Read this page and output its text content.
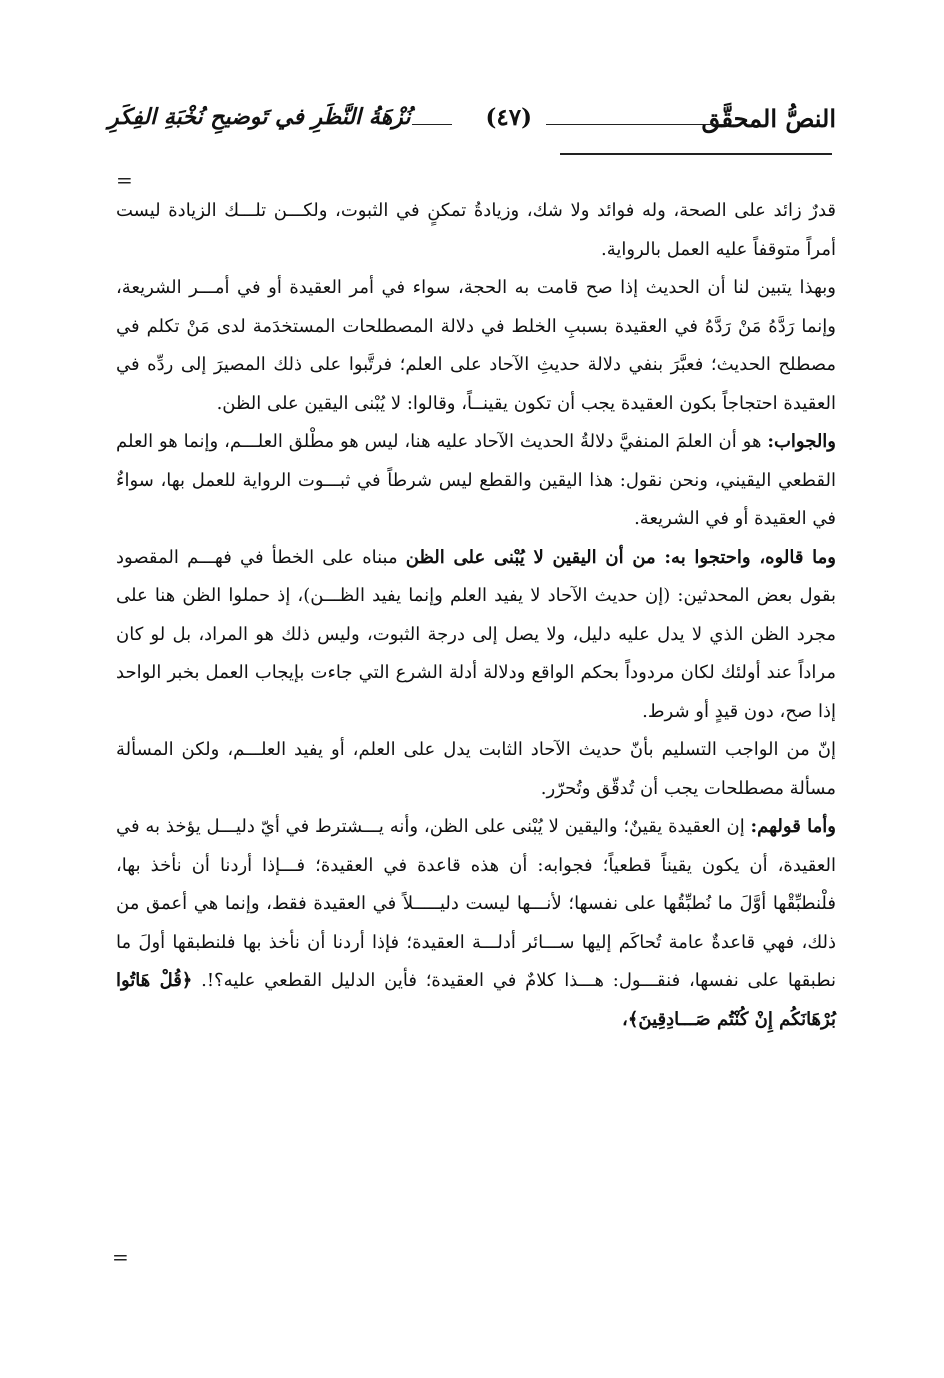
النصُّ المحقَّق
(٤٧)
نُزْهَةُ النَّظَرِ في تَوضيحِ نُخْبَةِ الفِكَرِ
=

قدرٌ زائد على الصحة، وله فوائد ولا شك، وزيادةُ تمكنٍ في الثبوت، ولكـــن تلـــك الزيادة ليست أمراً متوقفاً عليه العمل بالرواية.

وبهذا يتبين لنا أن الحديث إذا صح قامت به الحجة، سواء في أمر العقيدة أو في أمـــر الشريعة، وإنما رَدَّهُ مَنْ رَدَّهُ في العقيدة بسببِ الخلط في دلالة المصطلحات المستخدَمة لدى مَنْ تكلم في مصطلح الحديث؛ فعبَّرَ بنفي دلالة حديثِ الآحاد على العلم؛ فرتَّبوا على ذلك المصيرَ إلى ردِّه في العقيدة احتجاجاً بكون العقيدة يجب أن تكون يقينــاً، وقالوا: لا يُبْنى اليقين على الظن.

والجواب: هو أن العلمَ المنفيَّ دلالةُ الحديث الآحاد عليه هنا، ليس هو مطْلق العلـــم، وإنما هو العلم القطعي اليقيني، ونحن نقول: هذا اليقين والقطع ليس شرطاً في ثبـــوت الرواية للعمل بها، سواءٌ في العقيدة أو في الشريعة.

وما قالوه، واحتجوا به: من أن اليقين لا يُبْنى على الظن مبناه على الخطأ في فهـــم المقصود بقول بعض المحدثين: (إن حديث الآحاد لا يفيد العلم وإنما يفيد الظـــن)، إذ حملوا الظن هنا على مجرد الظن الذي لا يدل عليه دليل، ولا يصل إلى درجة الثبوت، وليس ذلك هو المراد، بل لو كان مراداً عند أولئك لكان مردوداً بحكم الواقع ودلالة أدلة الشرع التي جاءت بإيجاب العمل بخبر الواحد إذا صح، دون قيدٍ أو شرط.

إنّ من الواجب التسليم بأنّ حديث الآحاد الثابت يدل على العلم، أو يفيد العلـــم، ولكن المسألة مسألة مصطلحات يجب أن تُدقّق وتُحرّر.

وأما قولهم: إن العقيدة يقينٌ؛ واليقين لا يُبْنى على الظن، وأنه يـــشترط في أيّ دليـــل يؤخذ به في العقيدة، أن يكون يقيناً قطعياً؛ فجوابه: أن هذه قاعدة في العقيدة؛ فـــإذا أردنا أن نأخذ بها، فلْنطبِّقْها أوَّلَ ما نُطبِّقُها على نفسها؛ لأنـــها ليست دليـــــلاً في العقيدة فقط، وإنما هي أعمق من ذلك، فهي قاعدةٌ عامة تُحاكَم إليها ســـائر أدلـــة العقيدة؛ فإذا أردنا أن نأخذ بها فلنطبقها أولَ ما نطبقها على نفسها، فنقـــول: هـــذا كلامٌ في العقيدة؛ فأين الدليل القطعي عليه؟!. ﴿قُلْ هَاتُوا بُرْهَانَكُم إِنْ كُنْتُم صَـــادِقِينَ﴾،

=
